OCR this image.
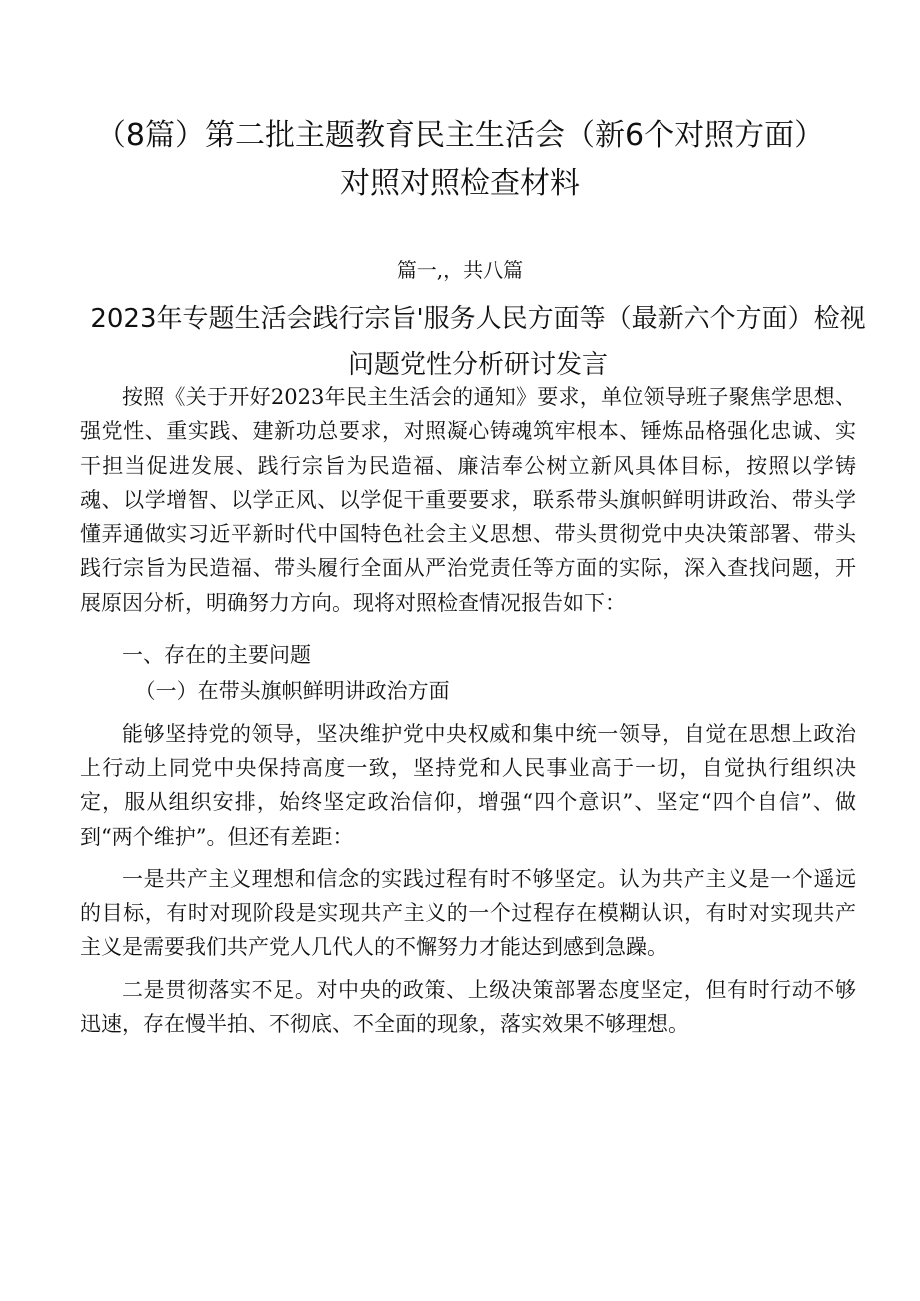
（8篇）第二批主题教育民主生活会（新6个对照方面）对照对照检查材料

篇一,，共八篇

2023年专题生活会践行宗旨'服务人民方面等（最新六个方面）检视问题党性分析研讨发言

按照《关于开好2023年民主生活会的通知》要求，单位领导班子聚焦学思想、强党性、重实践、建新功总要求，对照凝心铸魂筑牢根本、锤炼品格强化忠诚、实干担当促进发展、践行宗旨为民造福、廉洁奉公树立新风具体目标，按照以学铸魂、以学增智、以学正风、以学促干重要要求，联系带头旗帜鲜明讲政治、带头学懂弄通做实习近平新时代中国特色社会主义思想、带头贯彻党中央决策部署、带头践行宗旨为民造福、带头履行全面从严治党责任等方面的实际，深入查找问题，开展原因分析，明确努力方向。现将对照检查情况报告如下：

一、存在的主要问题

（一）在带头旗帜鲜明讲政治方面

能够坚持党的领导，坚决维护党中央权威和集中统一领导，自觉在思想上政治上行动上同党中央保持高度一致，坚持党和人民事业高于一切，自觉执行组织决定，服从组织安排，始终坚定政治信仰，增强“四个意识”、坚定“四个自信”、做到“两个维护”。但还有差距：

一是共产主义理想和信念的实践过程有时不够坚定。认为共产主义是一个遥远的目标，有时对现阶段是实现共产主义的一个过程存在模糊认识，有时对实现共产主义是需要我们共产党人几代人的不懈努力才能达到感到急躁。

二是贯彻落实不足。对中央的政策、上级决策部署态度坚定，但有时行动不够迅速，存在慢半拍、不彻底、不全面的现象，落实效果不够理想。
